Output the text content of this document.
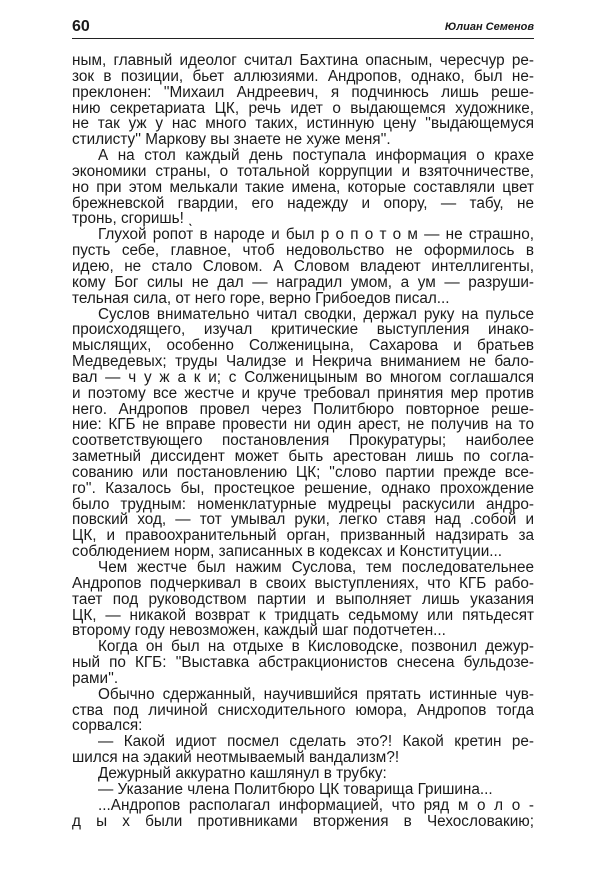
60	Юлиан Семенов
ным, главный идеолог считал Бахтина опасным, чересчур ре-
зок в позиции, бьет аллюзиями. Андропов, однако, был не-
преклонен: ''Михаил Андреевич, я подчинюсь лишь реше-
нию секретариата ЦК, речь идет о выдающемся художнике,
не так уж у нас много таких, истинную цену ''выдающемуся
стилисту'' Маркову вы знаете не хуже меня''.
А на стол каждый день поступала информация о крахе
экономики страны, о тотальной коррупции и взяточничестве,
но при этом мелькали такие имена, которые составляли цвет
брежневской гвардии, его надежду и опору, — табу, не
тронь, сгоришь! ˎ
Глухой ропот в народе и был р о п о т о м — не страшно,
пусть себе, главное, чтоб недовольство не оформилось в
идею, не стало Словом. А Словом владеют интеллигенты,
кому Бог силы не дал — наградил умом, а ум — разруши-
тельная сила, от него горе, верно Грибоедов писал...
Суслов внимательно читал сводки, держал руку на пульсе
происходящего, изучал критические выступления инако-
мыслящих, особенно Солженицына, Сахарова и братьев
Медведевых; труды Чалидзе и Некрича вниманием не бало-
вал — ч у ж а к и; с Солженицыным во многом соглашался
и поэтому все жестче и круче требовал принятия мер против
него. Андропов провел через Политбюро повторное реше-
ние: КГБ не вправе провести ни один арест, не получив на то
соответствующего постановления Прокуратуры; наиболее
заметный диссидент может быть арестован лишь по согла-
сованию или постановлению ЦК; ''слово партии прежде все-
го''. Казалось бы, простецкое решение, однако прохождение
было трудным: номенклатурные мудрецы раскусили андро-
повский ход, — тот умывал руки, легко ставя над .собой и
ЦК, и правоохранительный орган, призванный надзирать за
соблюдением норм, записанных в кодексах и Конституции...
Чем жестче был нажим Суслова, тем последовательнее
Андропов подчеркивал в своих выступлениях, что КГБ рабо-
тает под руководством партии и выполняет лишь указания
ЦК, — никакой возврат к тридцать седьмому или пятьдесят
второму году невозможен, каждый шаг подотчетен...
Когда он был на отдыхе в Кисловодске, позвонил дежур-
ный по КГБ: ''Выставка абстракционистов снесена бульдозе-
рами''.
Обычно сдержанный, научившийся прятать истинные чув-
ства под личиной снисходительного юмора, Андропов тогда
сорвался:
— Какой идиот посмел сделать это?! Какой кретин ре-
шился на эдакий неотмываемый вандализм?!
Дежурный аккуратно кашлянул в трубку:
— Указание члена Политбюро ЦК товарища Гришина...
...Андропов располагал информацией, что ряд м о л о -
д ы х были противниками вторжения в Чехословакию;
